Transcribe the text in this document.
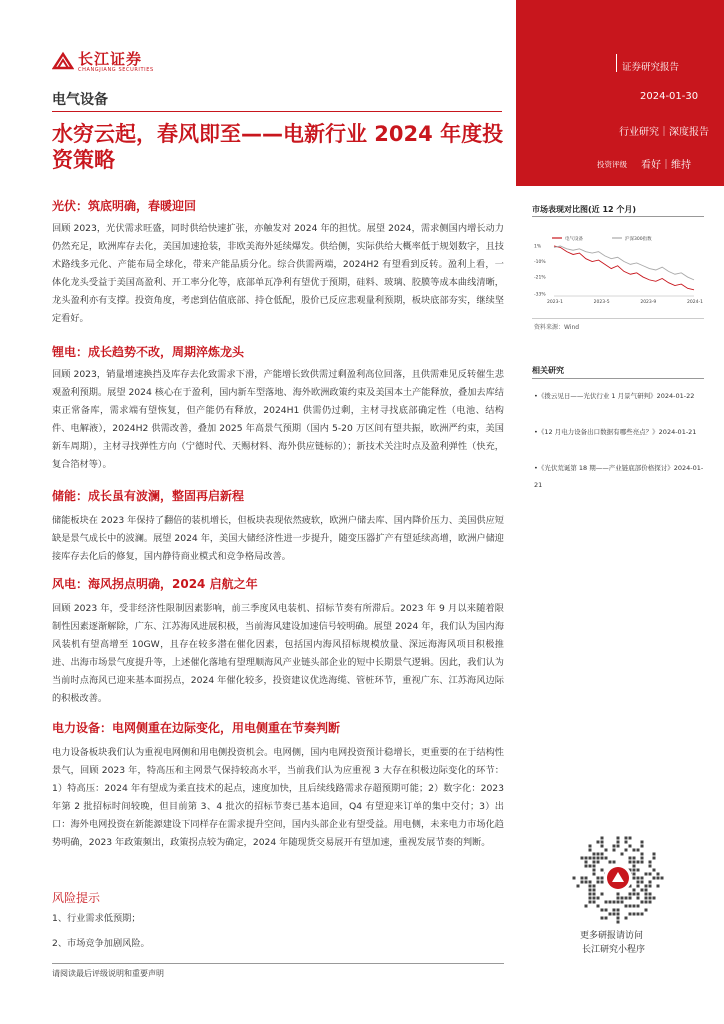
长江证券
CHANGJIANG SECURITIES
电气设备
水穷云起，春风即至——电新行业 2024 年度投资策略
光伏：筑底明确，春暖迎回
回顾 2023，光伏需求旺盛，同时供给快速扩张，亦触发对 2024 年的担忧。展望 2024，需求侧国内增长动力仍然充足，欧洲库存去化，美国加速抢装，非欧美海外延续爆发。供给侧，实际供给大概率低于规划数字，且技术路线多元化、产能布局全球化，带来产能品质分化。综合供需两端，2024H2 有望看到反转。盈利上看，一体化龙头受益于美国高盈利、开工率分化等，底部单瓦净利有望优于预期，硅料、玻璃、胶膜等成本曲线清晰，龙头盈利亦有支撑。投资角度，考虑到估值底部、持仓低配，股价已反应悲观量利预期，板块底部夯实，继续坚定看好。
锂电：成长趋势不改，周期淬炼龙头
回顾 2023，销量增速换挡及库存去化致需求下滑，产能增长致供需过剩盈利高位回落，且供需难见反转催生悲观盈利预期。展望 2024 核心在于盈利，国内新车型落地、海外欧洲政策约束及美国本土产能释放，叠加去库结束正常备库，需求端有望恢复，但产能仍有释放，2024H1 供需仍过剩，主材寻找底部确定性（电池、结构件、电解液），2024H2 供需改善，叠加 2025 年高景气预期（国内 5-20 万区间有望共振，欧洲严约束，美国新车周期），主材寻找弹性方向（宁德时代、天赐材料、海外供应链标的）；新技术关注时点及盈利弹性（快充，复合箔材等）。
储能：成长虽有波澜，整固再启新程
储能板块在 2023 年保持了翻倍的装机增长，但板块表现依然疲软，欧洲户储去库、国内降价压力、美国供应短缺是景气成长中的波澜。展望 2024 年，美国大储经济性进一步提升，随变压器扩产有望延续高增，欧洲户储迎接库存去化后的修复，国内静待商业模式和竞争格局改善。
风电：海风拐点明确，2024 启航之年
回顾 2023 年，受非经济性限制因素影响，前三季度风电装机、招标节奏有所滞后。2023 年 9 月以来随着限制性因素逐渐解除，广东、江苏海风进展积极，当前海风建设加速信号较明确。展望 2024 年，我们认为国内海风装机有望高增至 10GW，且存在较多潜在催化因素，包括国内海风招标规模放量、深远海海风项目积极推进、出海市场景气度提升等，上述催化落地有望理顺海风产业链头部企业的短中长期景气逻辑。因此，我们认为当前时点海风已迎来基本面拐点，2024 年催化较多，投资建议优选海缆、管桩环节，重视广东、江苏海风边际的积极改善。
电力设备：电网侧重在边际变化，用电侧重在节奏判断
电力设备板块我们认为重视电网侧和用电侧投资机会。电网侧，国内电网投资预计稳增长，更重要的在于结构性景气，回顾 2023 年，特高压和主网景气保持较高水平，当前我们认为应重视 3 大存在积极边际变化的环节：1）特高压：2024 年有望成为柔直技术的起点，速度加快，且后续线路需求存超预期可能；2）数字化：2023 年第 2 批招标时间较晚，但目前第 3、4 批次的招标节奏已基本追回，Q4 有望迎来订单的集中交付；3）出口：海外电网投资在新能源建设下同样存在需求提升空间，国内头部企业有望受益。用电侧，未来电力市场化趋势明确，2023 年政策频出，政策拐点较为确定，2024 年随现货交易展开有望加速，重视发展节奏的判断。
风险提示
1、行业需求低预期；
2、市场竞争加剧风险。
请阅读最后评级说明和重要声明
证券研究报告
2024-01-30
行业研究｜深度报告
投资评级 看好｜维持
市场表现对比图(近 12 个月)
电气设备	沪深300指数
1%
-10%
-21%
-33%
2023-1	2023-5	2023-9	2024-1
资料来源：Wind
相关研究
•《拨云见日——光伏行业 1 月景气研判》2024-01-22
•《12 月电力设备出口数据有哪些亮点？》2024-01-21
•《光伏荒诞第 18 期——产业链底部价格探讨》2024-01-21
更多研报请访问
长江研究小程序
